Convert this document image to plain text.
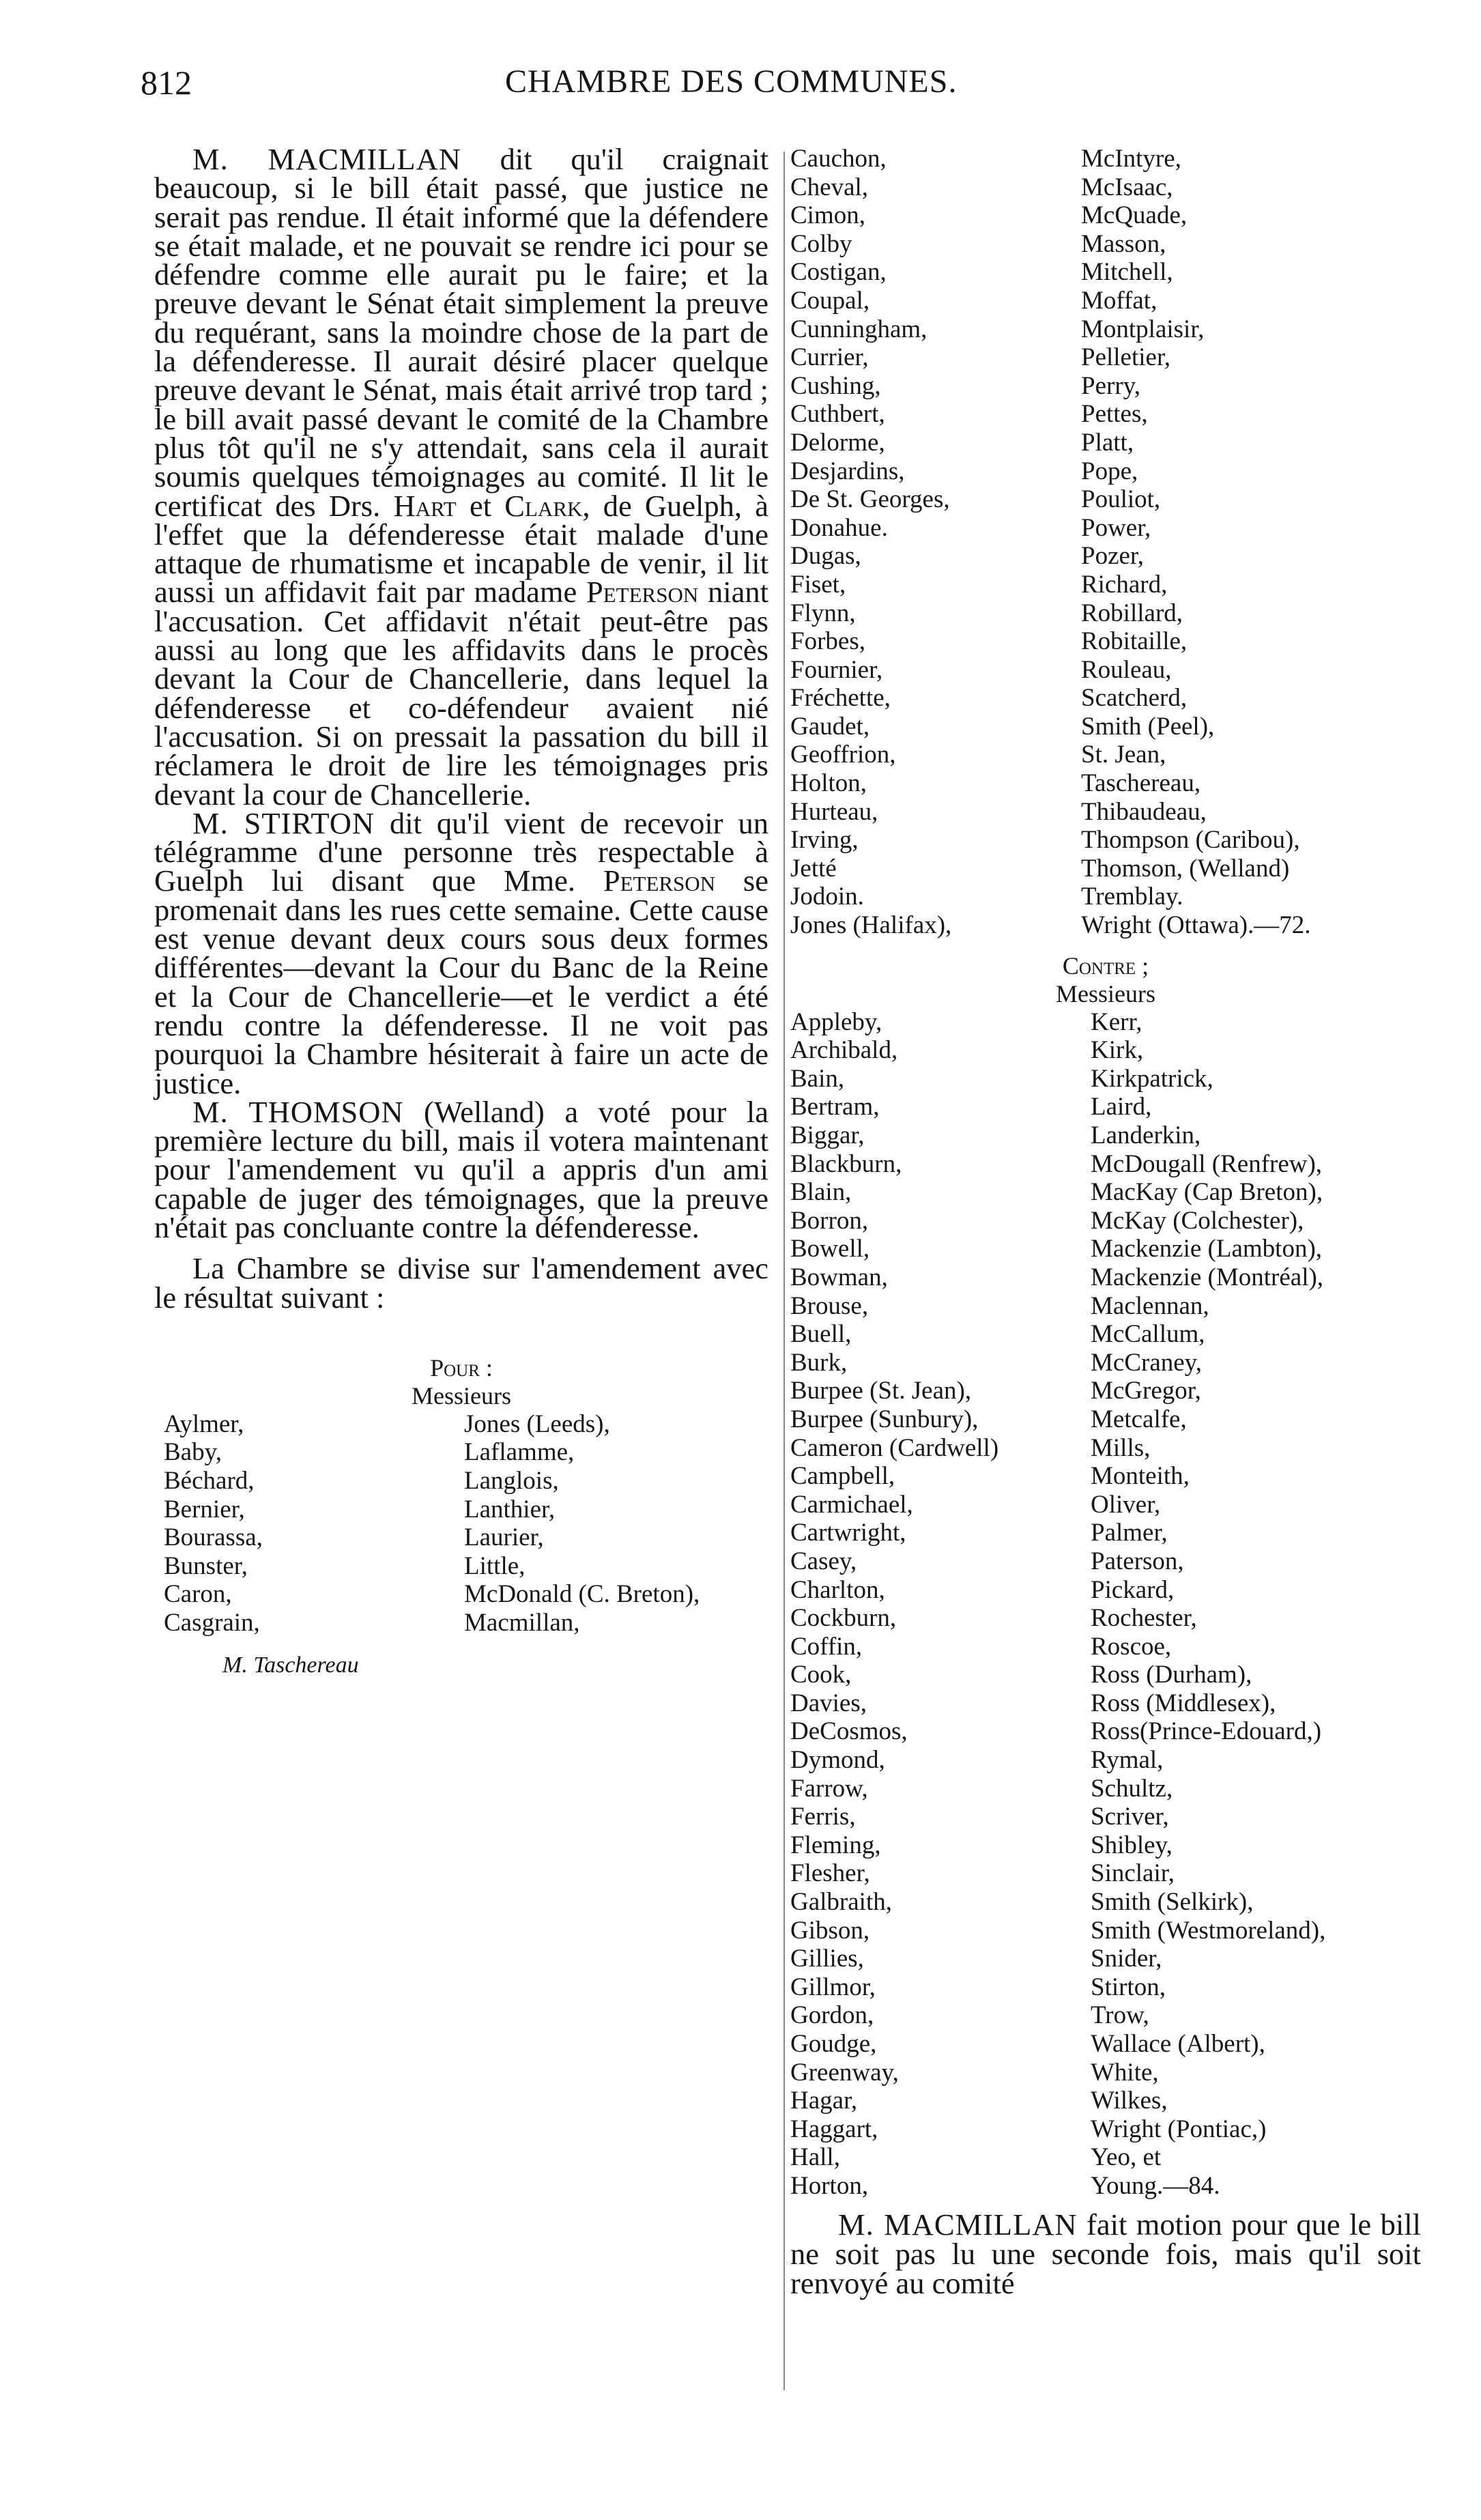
812	CHAMBRE DES COMMUNES.

M. MACMILLAN dit qu'il craignait beaucoup, si le bill était passé, que justice ne serait pas rendue. Il était informé que la défendere se était malade, et ne pouvait se rendre ici pour se défendre comme elle aurait pu le faire; et la preuve devant le Sénat était simplement la preuve du requérant, sans la moindre chose de la part de la défenderesse. Il aurait désiré placer quelque preuve devant le Sénat, mais était arrivé trop tard ; le bill avait passé devant le comité de la Chambre plus tôt qu'il ne s'y attendait, sans cela il aurait soumis quelques témoignages au comité. Il lit le certificat des Drs. Hart et Clark, de Guelph, à l'effet que la défenderesse était malade d'une attaque de rhumatisme et incapable de venir, il lit aussi un affidavit fait par madame Peterson niant l'accusation. Cet affidavit n'était peut-être pas aussi au long que les affidavits dans le procès devant la Cour de Chancellerie, dans lequel la défenderesse et co-défendeur avaient nié l'accusation. Si on pressait la passation du bill il réclamera le droit de lire les témoignages pris devant la cour de Chancellerie.

M. STIRTON dit qu'il vient de recevoir un télégramme d'une personne très respectable à Guelph lui disant que Mme. Peterson se promenait dans les rues cette semaine. Cette cause est venue devant deux cours sous deux formes différentes—devant la Cour du Banc de la Reine et la Cour de Chancellerie—et le verdict a été rendu contre la défenderesse. Il ne voit pas pourquoi la Chambre hésiterait à faire un acte de justice.

M. THOMSON (Welland) a voté pour la première lecture du bill, mais il votera maintenant pour l'amendement vu qu'il a appris d'un ami capable de juger des témoignages, que la preuve n'était pas concluante contre la défenderesse.

La Chambre se divise sur l'amendement avec le résultat suivant :

Pour :
Messieurs
Aylmer,	Jones (Leeds),
Baby,	Laflamme,
Béchard,	Langlois,
Bernier,	Lanthier,
Bourassa,	Laurier,
Bunster,	Little,
Caron,	McDonald (C. Breton),
Casgrain,	Macmillan,
M. Taschereau
Cauchon,	McIntyre,
Cheval,	McIsaac,
Cimon,	McQuade,
Colby	Masson,
Costigan,	Mitchell,
Coupal,	Moffat,
Cunningham,	Montplaisir,
Currier,	Pelletier,
Cushing,	Perry,
Cuthbert,	Pettes,
Delorme,	Platt,
Desjardins,	Pope,
De St. Georges,	Pouliot,
Donahue.	Power,
Dugas,	Pozer,
Fiset,	Richard,
Flynn,	Robillard,
Forbes,	Robitaille,
Fournier,	Rouleau,
Fréchette,	Scatcherd,
Gaudet,	Smith (Peel),
Geoffrion,	St. Jean,
Holton,	Taschereau,
Hurteau,	Thibaudeau,
Irving,	Thompson (Caribou),
Jetté	Thomson, (Welland)
Jodoin.	Tremblay.
Jones (Halifax),	Wright (Ottawa).—72.
Contre ;
Messieurs
Appleby,	Kerr,
Archibald,	Kirk,
Bain,	Kirkpatrick,
Bertram,	Laird,
Biggar,	Landerkin,
Blackburn,	McDougall (Renfrew),
Blain,	MacKay (Cap Breton),
Borron,	McKay (Colchester),
Bowell,	Mackenzie (Lambton),
Bowman,	Mackenzie (Montréal),
Brouse,	Maclennan,
Buell,	McCallum,
Burk,	McCraney,
Burpee (St. Jean),	McGregor,
Burpee (Sunbury),	Metcalfe,
Cameron (Cardwell)	Mills,
Campbell,	Monteith,
Carmichael,	Oliver,
Cartwright,	Palmer,
Casey,	Paterson,
Charlton,	Pickard,
Cockburn,	Rochester,
Coffin,	Roscoe,
Cook,	Ross (Durham),
Davies,	Ross (Middlesex),
DeCosmos,	Ross(Prince-Edouard,)
Dymond,	Rymal,
Farrow,	Schultz,
Ferris,	Scriver,
Fleming,	Shibley,
Flesher,	Sinclair,
Galbraith,	Smith (Selkirk),
Gibson,	Smith (Westmoreland),
Gillies,	Snider,
Gillmor,	Stirton,
Gordon,	Trow,
Goudge,	Wallace (Albert),
Greenway,	White,
Hagar,	Wilkes,
Haggart,	Wright (Pontiac,)
Hall,	Yeo, et
Horton,	Young.—84.

M. MACMILLAN fait motion pour que le bill ne soit pas lu une seconde fois, mais qu'il soit renvoyé au comité
